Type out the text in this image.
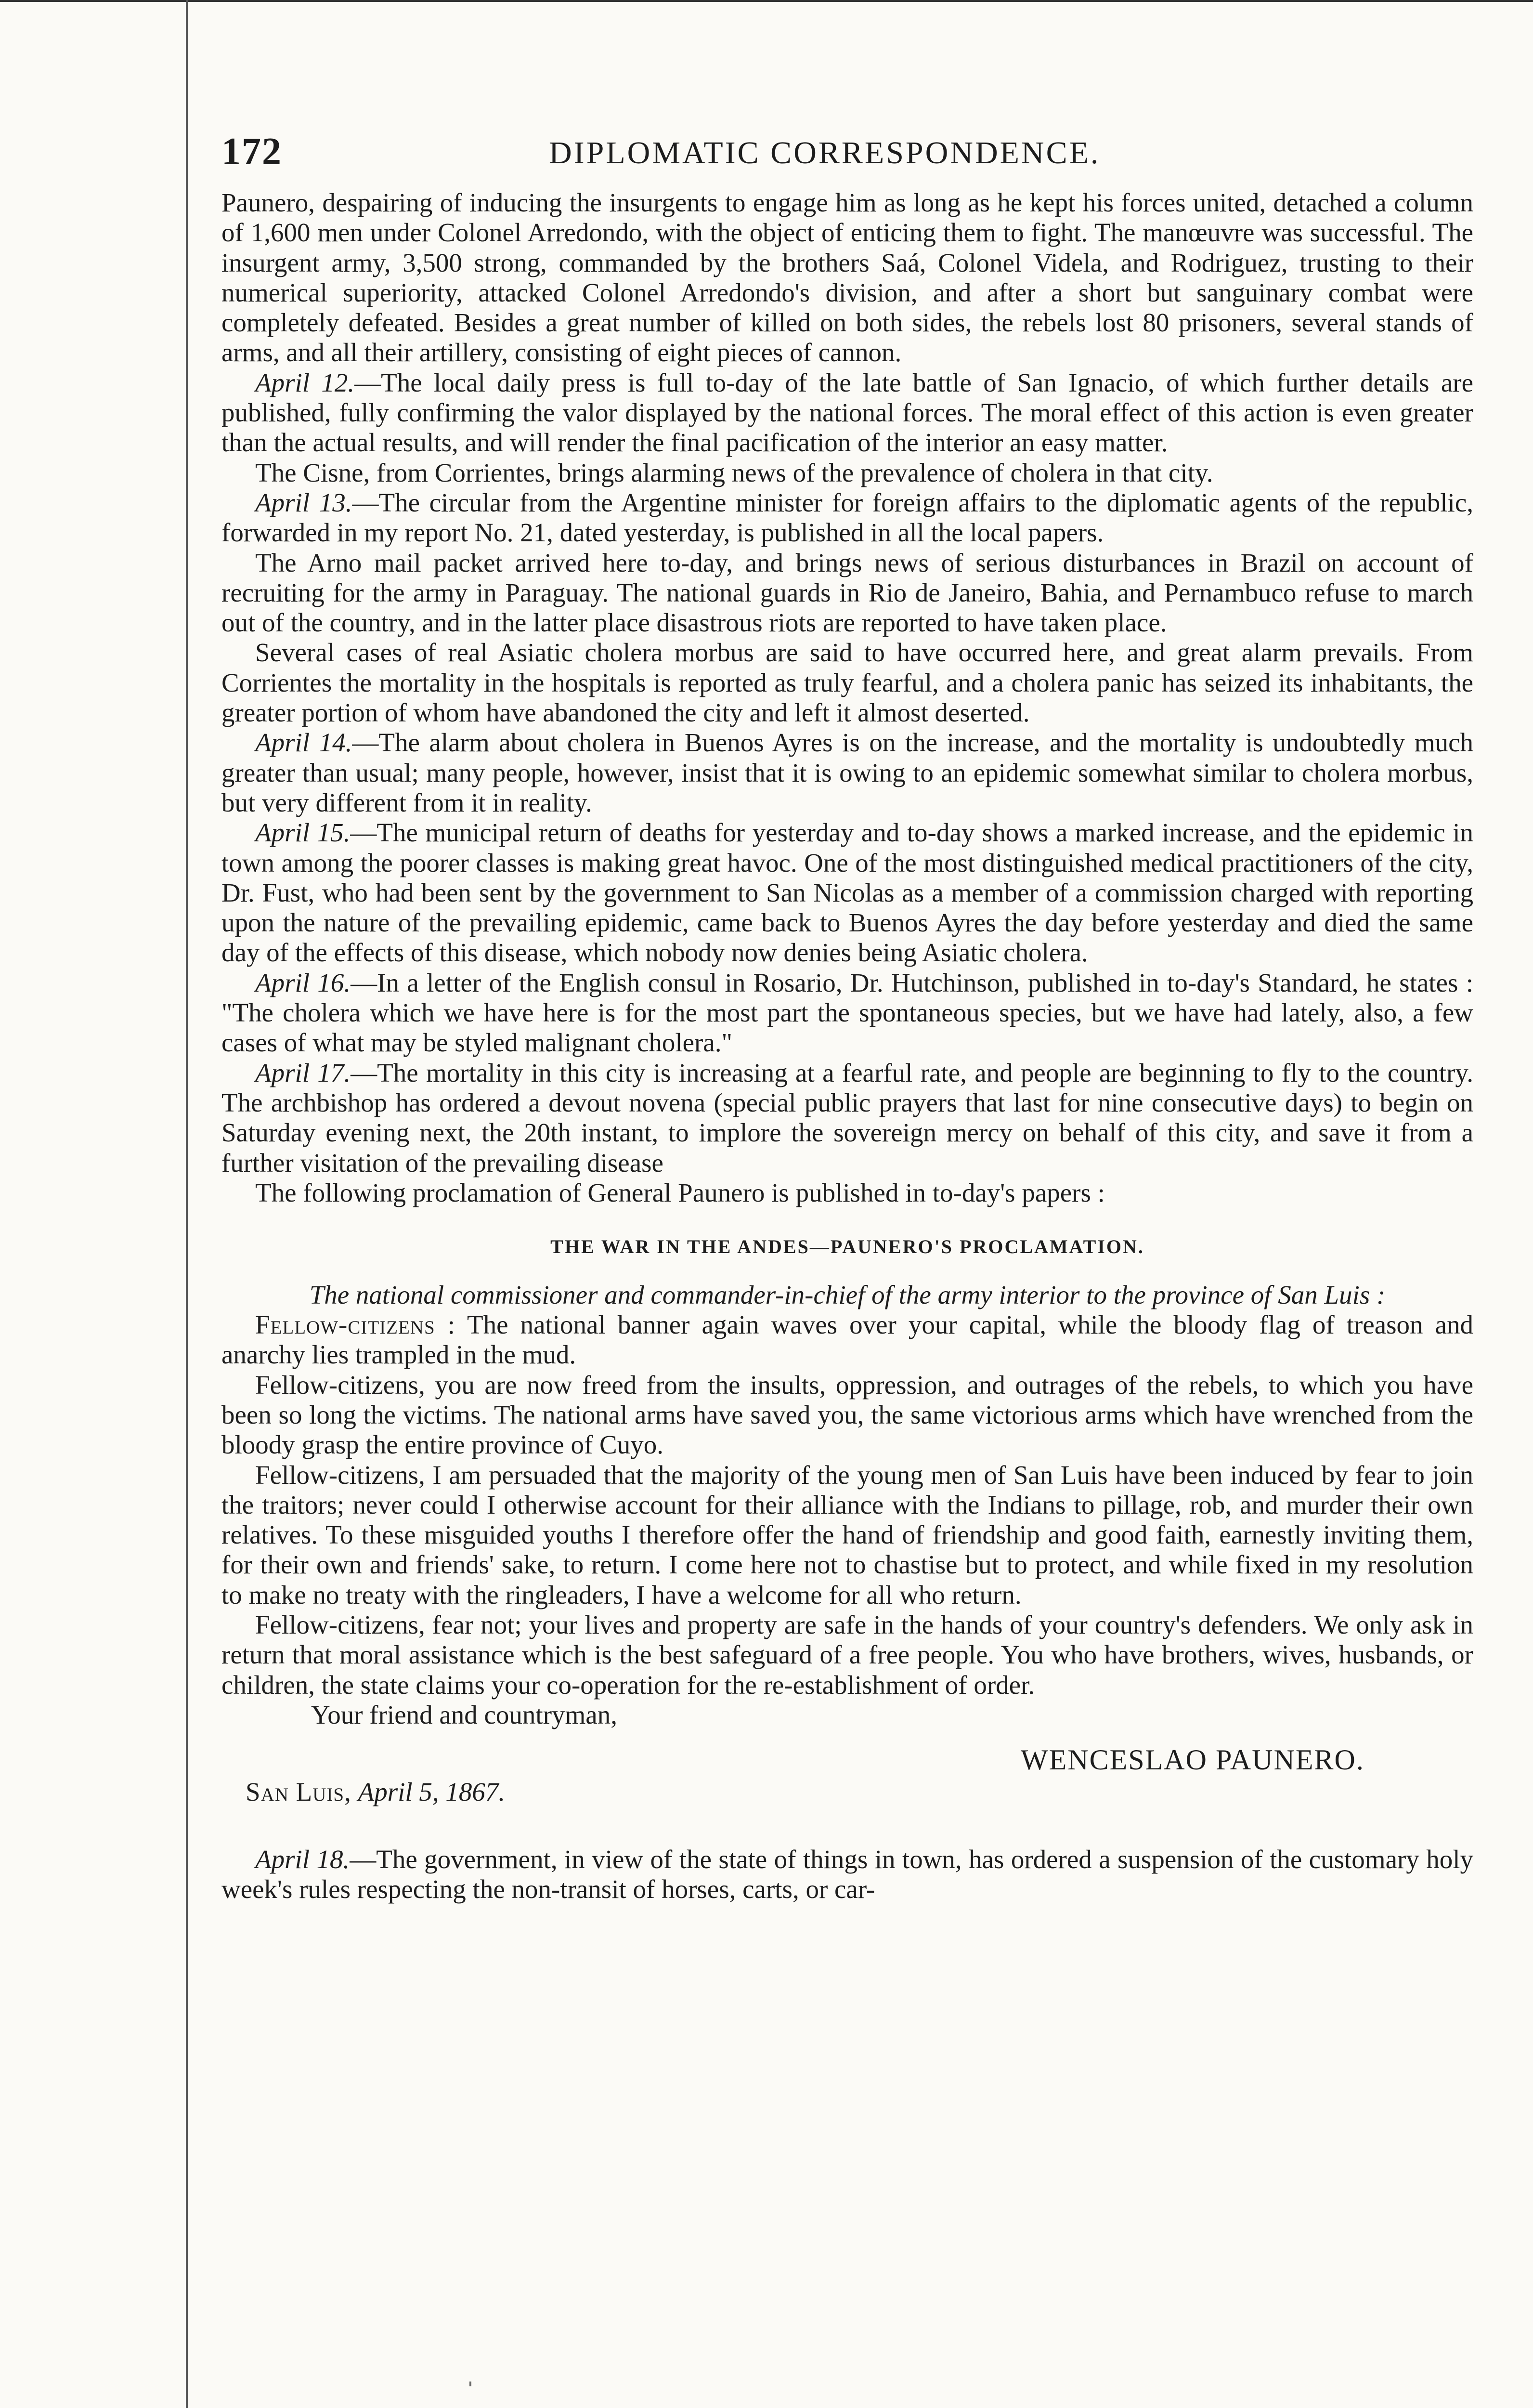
172	DIPLOMATIC CORRESPONDENCE.

Paunero, despairing of inducing the insurgents to engage him as long as he kept his forces united, detached a column of 1,600 men under Colonel Arredondo, with the object of enticing them to fight. The manœuvre was successful. The insurgent army, 3,500 strong, commanded by the brothers Saá, Colonel Videla, and Rodriguez, trusting to their numerical superiority, attacked Colonel Arredondo's division, and after a short but sanguinary combat were completely defeated. Besides a great number of killed on both sides, the rebels lost 80 prisoners, several stands of arms, and all their artillery, consisting of eight pieces of cannon.

April 12.—The local daily press is full to-day of the late battle of San Ignacio, of which further details are published, fully confirming the valor displayed by the national forces. The moral effect of this action is even greater than the actual results, and will render the final pacification of the interior an easy matter.

The Cisne, from Corrientes, brings alarming news of the prevalence of cholera in that city.

April 13.—The circular from the Argentine minister for foreign affairs to the diplomatic agents of the republic, forwarded in my report No. 21, dated yesterday, is published in all the local papers.

The Arno mail packet arrived here to-day, and brings news of serious disturbances in Brazil on account of recruiting for the army in Paraguay. The national guards in Rio de Janeiro, Bahia, and Pernambuco refuse to march out of the country, and in the latter place disastrous riots are reported to have taken place.

Several cases of real Asiatic cholera morbus are said to have occurred here, and great alarm prevails. From Corrientes the mortality in the hospitals is reported as truly fearful, and a cholera panic has seized its inhabitants, the greater portion of whom have abandoned the city and left it almost deserted.

April 14.—The alarm about cholera in Buenos Ayres is on the increase, and the mortality is undoubtedly much greater than usual; many people, however, insist that it is owing to an epidemic somewhat similar to cholera morbus, but very different from it in reality.

April 15.—The municipal return of deaths for yesterday and to-day shows a marked increase, and the epidemic in town among the poorer classes is making great havoc. One of the most distinguished medical practitioners of the city, Dr. Fust, who had been sent by the government to San Nicolas as a member of a commission charged with reporting upon the nature of the prevailing epidemic, came back to Buenos Ayres the day before yesterday and died the same day of the effects of this disease, which nobody now denies being Asiatic cholera.

April 16.—In a letter of the English consul in Rosario, Dr. Hutchinson, published in to-day's Standard, he states : "The cholera which we have here is for the most part the spontaneous species, but we have had lately, also, a few cases of what may be styled malignant cholera."

April 17.—The mortality in this city is increasing at a fearful rate, and people are beginning to fly to the country. The archbishop has ordered a devout novena (special public prayers that last for nine consecutive days) to begin on Saturday evening next, the 20th instant, to implore the sovereign mercy on behalf of this city, and save it from a further visitation of the prevailing disease

The following proclamation of General Paunero is published in to-day's papers :

THE WAR IN THE ANDES—PAUNERO'S PROCLAMATION.
The national commissioner and commander-in-chief of the army interior to the province of San Luis :

Fellow-citizens : The national banner again waves over your capital, while the bloody flag of treason and anarchy lies trampled in the mud.

Fellow-citizens, you are now freed from the insults, oppression, and outrages of the rebels, to which you have been so long the victims. The national arms have saved you, the same victorious arms which have wrenched from the bloody grasp the entire province of Cuyo.

Fellow-citizens, I am persuaded that the majority of the young men of San Luis have been induced by fear to join the traitors; never could I otherwise account for their alliance with the Indians to pillage, rob, and murder their own relatives. To these misguided youths I therefore offer the hand of friendship and good faith, earnestly inviting them, for their own and friends' sake, to return. I come here not to chastise but to protect, and while fixed in my resolution to make no treaty with the ringleaders, I have a welcome for all who return.

Fellow-citizens, fear not; your lives and property are safe in the hands of your country's defenders. We only ask in return that moral assistance which is the best safeguard of a free people. You who have brothers, wives, husbands, or children, the state claims your co-operation for the re-establishment of order.

Your friend and countryman,
WENCESLAO PAUNERO.
San Luis, April 5, 1867.

April 18.—The government, in view of the state of things in town, has ordered a suspension of the customary holy week's rules respecting the non-transit of horses, carts, or car-
